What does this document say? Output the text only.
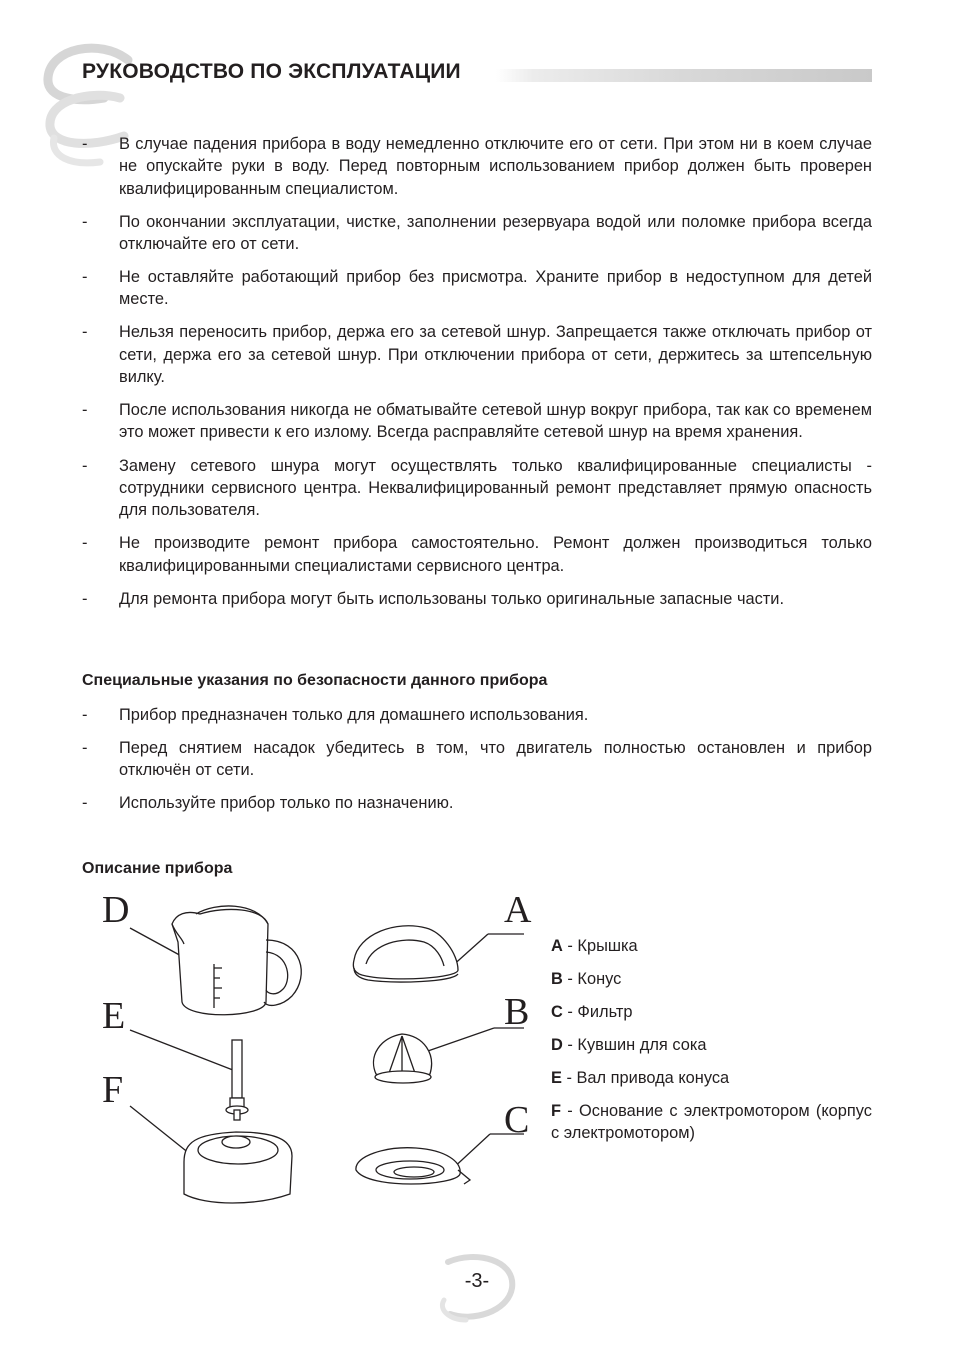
РУКОВОДСТВО ПО ЭКСПЛУАТАЦИИ
- В случае падения прибора в воду немедленно отключите его от сети. При этом ни в коем случае не опускайте руки в воду. Перед повторным использованием прибор должен быть проверен квалифицированным специалистом.
- По окончании эксплуатации, чистке, заполнении резервуара водой или поломке прибора всегда отключайте его от сети.
- Не оставляйте работающий прибор без присмотра. Храните прибор в недоступном для детей месте.
- Нельзя переносить прибор, держа его за сетевой шнур. Запрещается также отключать прибор от сети, держа его за сетевой шнур. При отключении прибора от сети, держитесь за штепсельную вилку.
- После использования никогда не обматывайте сетевой шнур вокруг прибора, так как со временем это может привести к его излому. Всегда расправляйте сетевой шнур на время хранения.
- Замену сетевого шнура могут осуществлять только квалифицированные специалисты - сотрудники сервисного центра. Неквалифицированный ремонт представляет прямую опасность для пользователя.
- Не производите ремонт прибора самостоятельно. Ремонт должен производиться только квалифицированными специалистами сервисного центра.
- Для ремонта прибора могут быть использованы только оригинальные запасные части.
Специальные указания по безопасности данного прибора
- Прибор предназначен только для домашнего использования.
- Перед снятием насадок убедитесь в том, что двигатель полностью остановлен и прибор отключён от сети.
- Используйте прибор только по назначению.
Описание прибора
D
E
F
A
B
C
A - Крышка
B - Конус
C - Фильтр
D - Кувшин для сока
E - Вал привода конуса
F - Основание с электромотором (корпус с электромотором)
-3-
